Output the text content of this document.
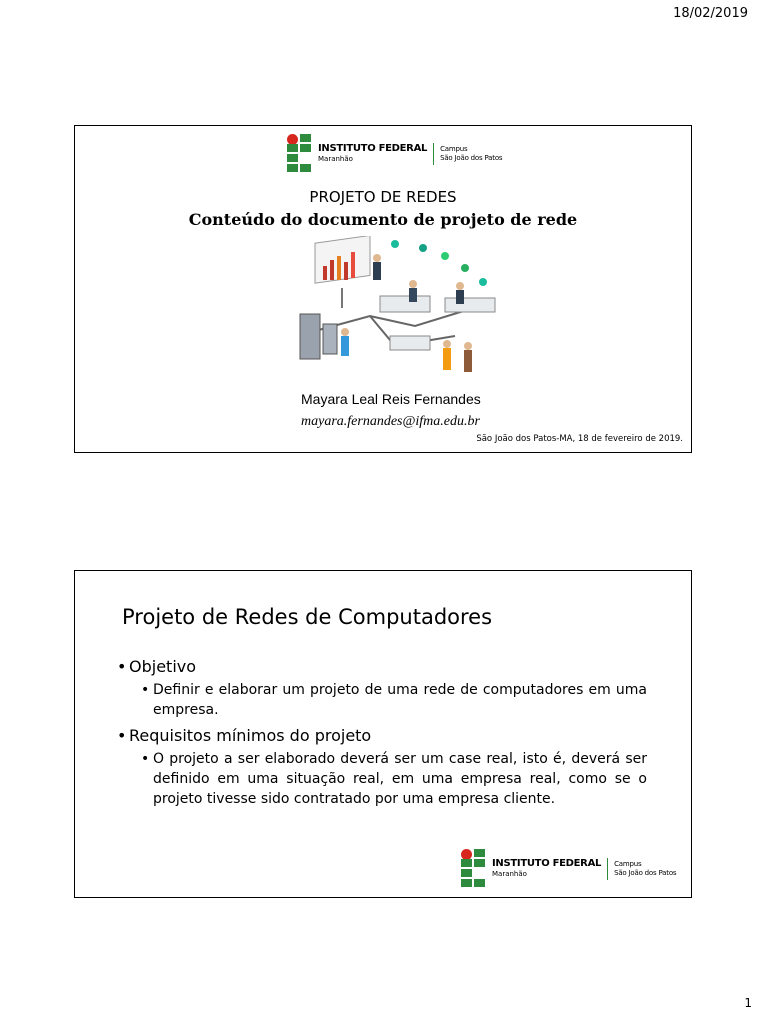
18/02/2019
INSTITUTO FEDERAL
Maranhão
Campus
São João dos Patos
PROJETO DE REDES
Conteúdo do documento de projeto de rede
Mayara Leal Reis Fernandes
mayara.fernandes@ifma.edu.br
São João dos Patos-MA, 18 de fevereiro de 2019.
Projeto de Redes de Computadores
• Objetivo
• Definir e elaborar um projeto de uma rede de computadores em uma empresa.
• Requisitos mínimos do projeto
• O projeto a ser elaborado deverá ser um case real, isto é, deverá ser definido em uma situação real, em uma empresa real, como se o projeto tivesse sido contratado por uma empresa cliente.
INSTITUTO FEDERAL
Maranhão
Campus
São João dos Patos
1
